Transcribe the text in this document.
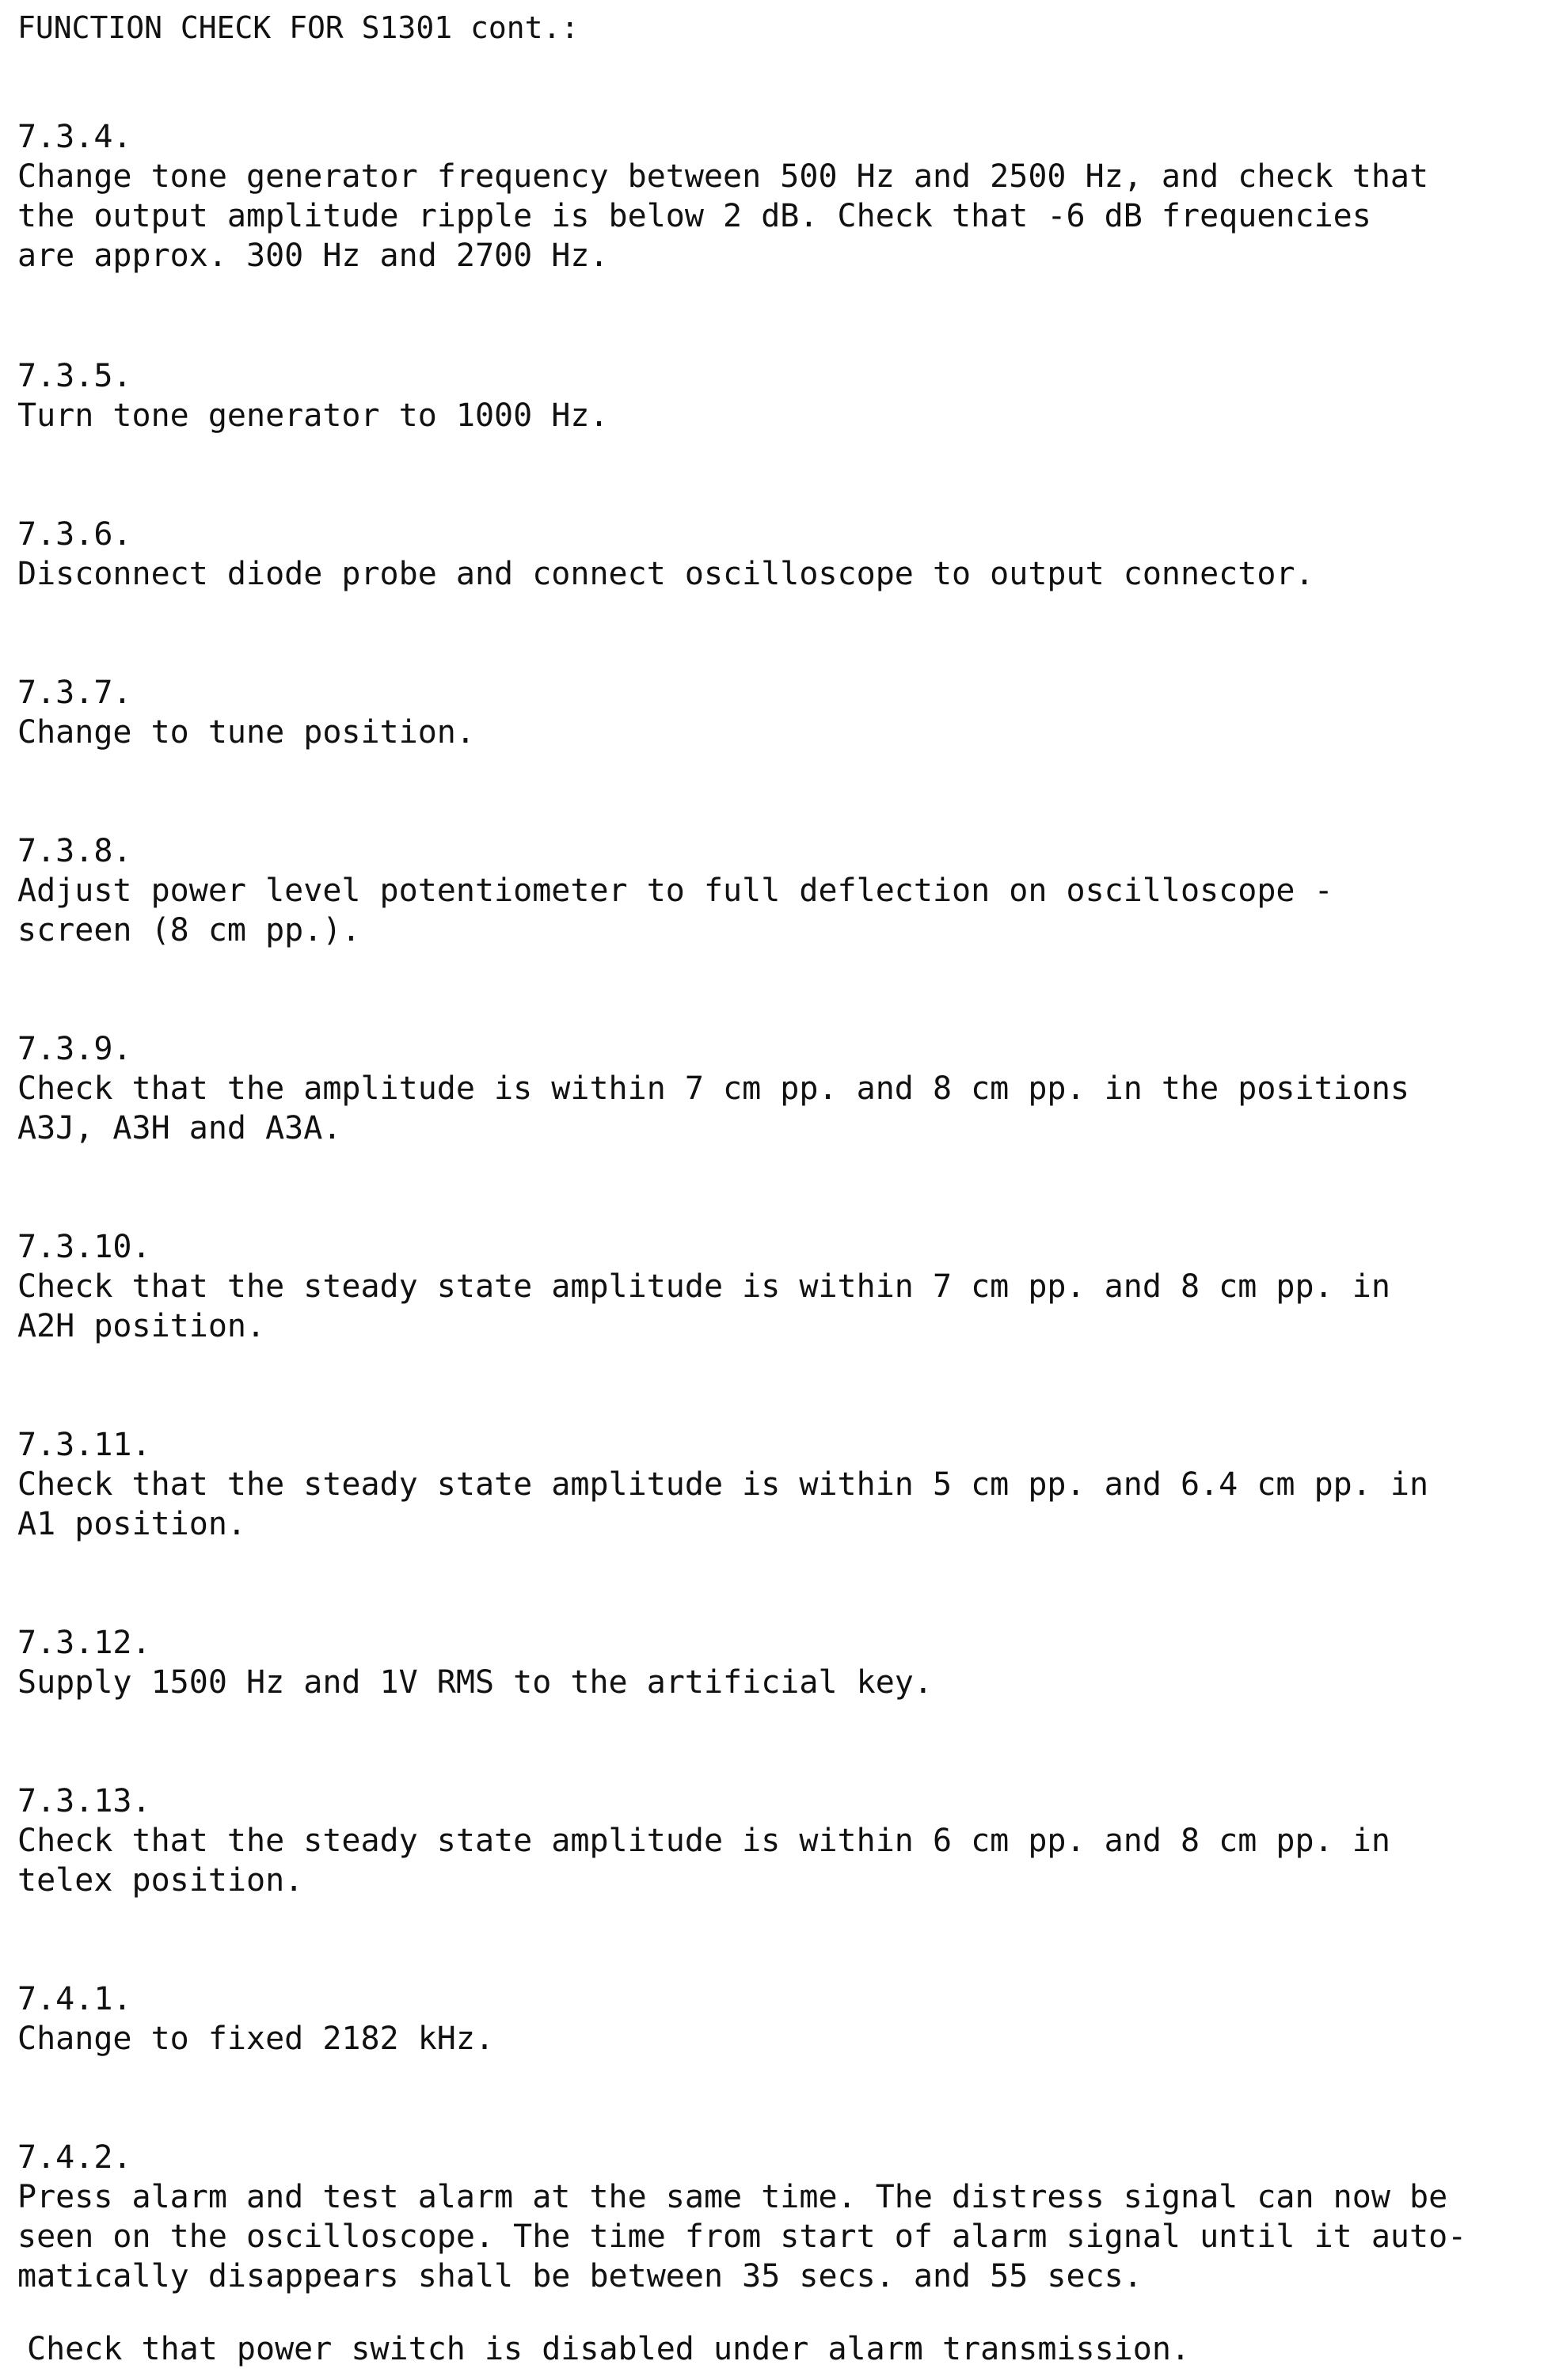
FUNCTION CHECK FOR S1301 cont.:
7.3.4.
Change tone generator frequency between 500 Hz and 2500 Hz, and check that
the output amplitude ripple is below 2 dB. Check that -6 dB frequencies
are approx. 300 Hz and 2700 Hz.
7.3.5.
Turn tone generator to 1000 Hz.
7.3.6.
Disconnect diode probe and connect oscilloscope to output connector.
7.3.7.
Change to tune position.
7.3.8.
Adjust power level potentiometer to full deflection on oscilloscope -
screen (8 cm pp.).
7.3.9.
Check that the amplitude is within 7 cm pp. and 8 cm pp. in the positions
A3J, A3H and A3A.
7.3.10.
Check that the steady state amplitude is within 7 cm pp. and 8 cm pp. in
A2H position.
7.3.11.
Check that the steady state amplitude is within 5 cm pp. and 6.4 cm pp. in
A1 position.
7.3.12.
Supply 1500 Hz and 1V RMS to the artificial key.
7.3.13.
Check that the steady state amplitude is within 6 cm pp. and 8 cm pp. in
telex position.
7.4.1.
Change to fixed 2182 kHz.
7.4.2.
Press alarm and test alarm at the same time. The distress signal can now be
seen on the oscilloscope. The time from start of alarm signal until it auto-
matically disappears shall be between 35 secs. and 55 secs.
Check that power switch is disabled under alarm transmission.
